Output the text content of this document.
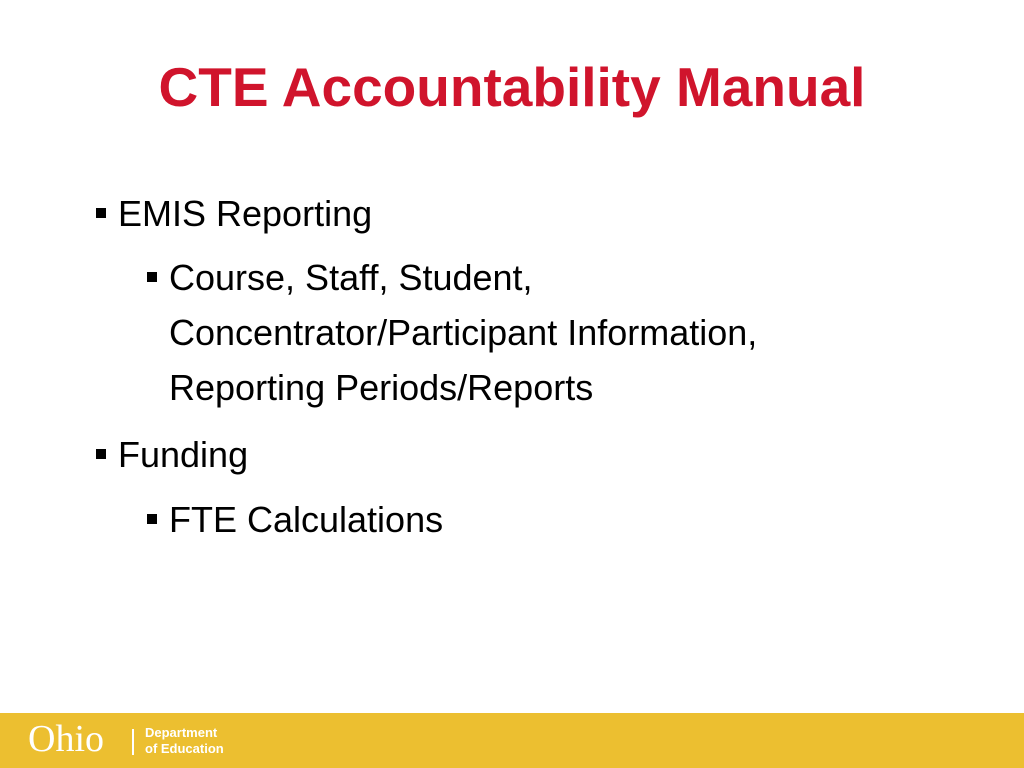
CTE Accountability Manual
EMIS Reporting
Course, Staff, Student,
Concentrator/Participant Information,
Reporting Periods/Reports
Funding
FTE Calculations
Ohio	Department
of Education
